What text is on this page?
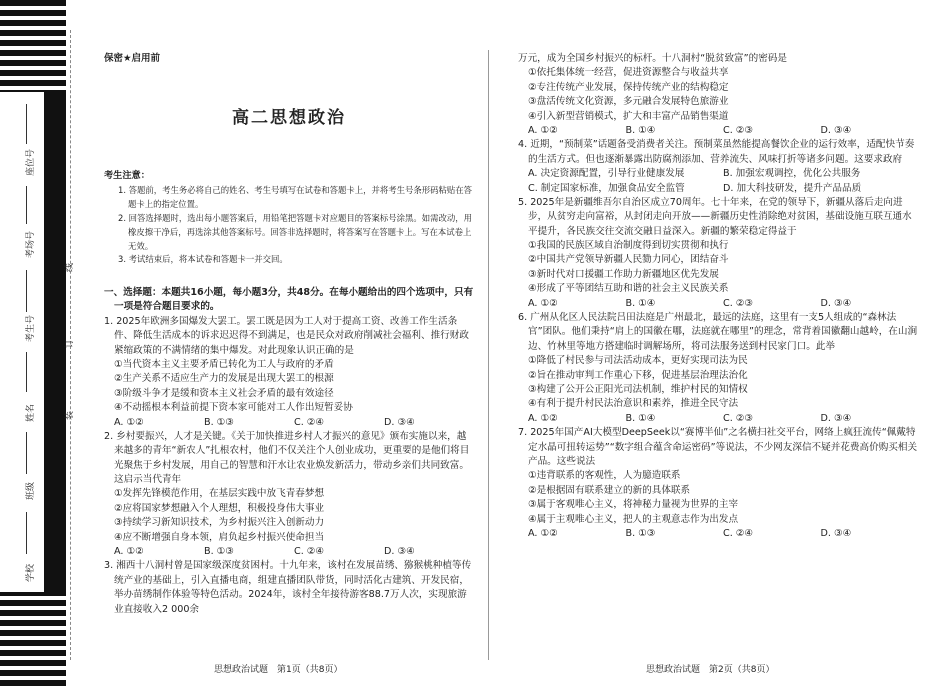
座位号
考场号
考生号
姓名
班级
学校
线
订
装
保密★启用前
高二思想政治
考生注意：
1. 答题前，考生务必将自己的姓名、考生号填写在试卷和答题卡上，并将考生号条形码粘贴在答题卡上的指定位置。
2. 回答选择题时，选出每小题答案后，用铅笔把答题卡对应题目的答案标号涂黑。如需改动，用橡皮擦干净后，再选涂其他答案标号。回答非选择题时，将答案写在答题卡上。写在本试卷上无效。
3. 考试结束后，将本试卷和答题卡一并交回。
一、选择题：本题共16小题，每小题3分，共48分。在每小题给出的四个选项中，只有一项是符合题目要求的。
1. 2025年欧洲多国爆发大罢工。罢工既是因为工人对于提高工资、改善工作生活条件、降低生活成本的诉求迟迟得不到满足，也是民众对政府削减社会福利、推行财政紧缩政策的不满情绪的集中爆发。对此现象认识正确的是
①当代资本主义主要矛盾已转化为工人与政府的矛盾
②生产关系不适应生产力的发展是出现大罢工的根源
③阶级斗争才是缓和资本主义社会矛盾的最有效途径
④不动摇根本利益前提下资本家可能对工人作出短暂妥协
A. ①②	B. ①③	C. ②④	D. ③④
2. 乡村要振兴，人才是关键。《关于加快推进乡村人才振兴的意见》颁布实施以来，越来越多的青年“新农人”扎根农村，他们不仅关注个人创业成功，更重要的是他们将目光聚焦于乡村发展，用自己的智慧和汗水让农业焕发新活力，带动乡亲们共同致富。这启示当代青年
①发挥先锋模范作用，在基层实践中放飞青春梦想
②应将国家梦想融入个人理想，积极投身伟大事业
③持续学习新知识技术，为乡村振兴注入创新动力
④应不断增强自身本领，肩负起乡村振兴使命担当
A. ①②	B. ①③	C. ②④	D. ③④
3. 湘西十八洞村曾是国家级深度贫困村。十九年来，该村在发展苗绣、猕猴桃种植等传统产业的基础上，引入直播电商，组建直播团队带货，同时活化古建筑、开发民宿，举办苗绣制作体验等特色活动。2024年，该村全年接待游客88.7万人次，实现旅游业直接收入2 000余
万元，成为全国乡村振兴的标杆。十八洞村“脱贫致富”的密码是
①依托集体统一经营，促进资源整合与收益共享
②专注传统产业发展，保持传统产业的结构稳定
③盘活传统文化资源，多元融合发展特色旅游业
④引入新型营销模式，扩大和丰富产品销售渠道
A. ①②	B. ①④	C. ②③	D. ③④
4. 近期，“预制菜”话题备受消费者关注。预制菜虽然能提高餐饮企业的运行效率，适配快节奏的生活方式。但也逐渐暴露出防腐剂添加、营养流失、风味打折等诸多问题。这要求政府
A. 决定资源配置，引导行业健康发展	B. 加强宏观调控，优化公共服务
C. 制定国家标准，加强食品安全监管	D. 加大科技研发，提升产品品质
5. 2025年是新疆维吾尔自治区成立70周年。七十年来，在党的领导下，新疆从落后走向进步，从贫穷走向富裕，从封闭走向开放——新疆历史性消除绝对贫困，基础设施互联互通水平提升，各民族交往交流交融日益深入。新疆的繁荣稳定得益于
①我国的民族区域自治制度得到切实贯彻和执行
②中国共产党领导新疆人民勠力同心，团结奋斗
③新时代对口援疆工作助力新疆地区优先发展
④形成了平等团结互助和谐的社会主义民族关系
A. ①②	B. ①④	C. ②③	D. ③④
6. 广州从化区人民法院吕田法庭是广州最北，最远的法庭，这里有一支5人组成的“森林法官”团队。他们秉持“肩上的国徽在哪，法庭就在哪里”的理念，常背着国徽翻山越岭，在山涧边、竹林里等地方搭建临时调解场所，将司法服务送到村民家门口。此举
①降低了村民参与司法活动成本，更好实现司法为民
②旨在推动审判工作重心下移，促进基层治理法治化
③构建了公开公正阳光司法机制，维护村民的知情权
④有利于提升村民法治意识和素养，推进全民守法
A. ①②	B. ①④	C. ②③	D. ③④
7. 2025年国产AI大模型DeepSeek以“赛博半仙”之名横扫社交平台，网络上疯狂流传“佩戴特定水晶可扭转运势”“数字组合蕴含命运密码”等说法，不少网友深信不疑并花费高价购买相关产品。这些说法
①违背联系的客观性，人为臆造联系
②是根据固有联系建立的新的具体联系
③属于客观唯心主义，将神秘力量视为世界的主宰
④属于主观唯心主义，把人的主观意志作为出发点
A. ①②	B. ①③	C. ②④	D. ③④
思想政治试题　第1页（共8页）	思想政治试题　第2页（共8页）
